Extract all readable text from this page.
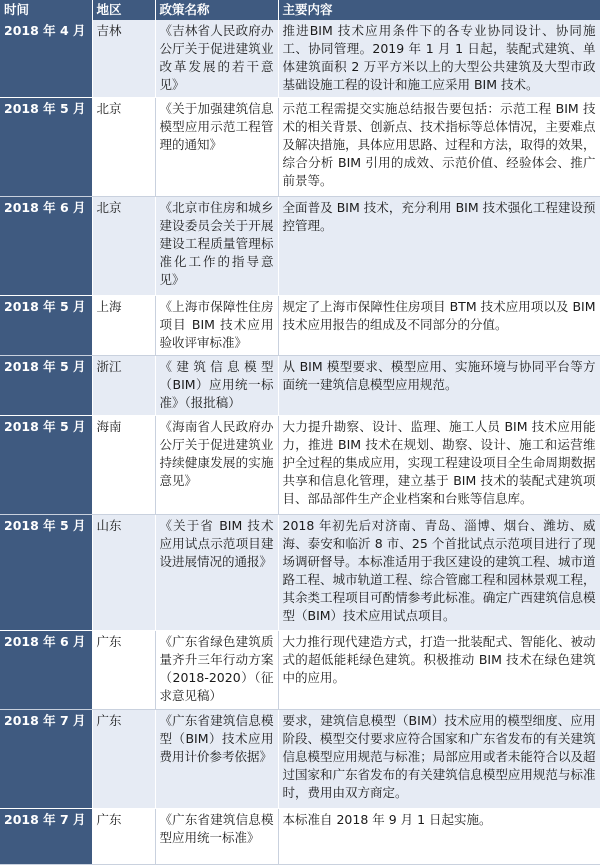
时间	地区	政策名称	主要内容
2018 年 4 月	吉林	《吉林省人民政府办公厅关于促进建筑业改革发展的若干意见》	推进BIM 技术应用条件下的各专业协同设计、协同施工、协同管理。2019 年 1 月 1 日起，装配式建筑、单体建筑面积 2 万平方米以上的大型公共建筑及大型市政基础设施工程的设计和施工应采用 BIM 技术。
2018 年 5 月	北京	《关于加强建筑信息模型应用示范工程管理的通知》	示范工程需提交实施总结报告要包括：示范工程 BIM 技术的相关背景、创新点、技术指标等总体情况，主要难点及解决措施，具体应用思路、过程和方法，取得的效果，综合分析 BIM 引用的成效、示范价值、经验体会、推广前景等。
2018 年 6 月	北京	《北京市住房和城乡建设委员会关于开展建设工程质量管理标准化工作的指导意见》	全面普及 BIM 技术，充分利用 BIM 技术强化工程建设预控管理。
2018 年 5 月	上海	《上海市保障性住房项目 BIM 技术应用验收评审标准》	规定了上海市保障性住房项目 BTM 技术应用项以及 BIM 技术应用报告的组成及不同部分的分值。
2018 年 5 月	浙江	《建筑信息模型（BIM）应用统一标准》（报批稿）	从 BIM 模型要求、模型应用、实施环境与协同平台等方面统一建筑信息模型应用规范。
2018 年 5 月	海南	《海南省人民政府办公厅关于促进建筑业持续健康发展的实施意见》	大力提升勘察、设计、监理、施工人员 BIM 技术应用能力，推进 BIM 技术在规划、勘察、设计、施工和运营维护全过程的集成应用，实现工程建设项目全生命周期数据共享和信息化管理，建立基于 BIM 技术的装配式建筑项目、部品部件生产企业档案和台账等信息库。
2018 年 5 月	山东	《关于省 BIM 技术应用试点示范项目建设进展情况的通报》	2018 年初先后对济南、青岛、淄博、烟台、潍坊、威海、泰安和临沂 8 市、25 个首批试点示范项目进行了现场调研督导。本标准适用于我区建设的建筑工程、城市道路工程、城市轨道工程、综合管廊工程和园林景观工程，其余类工程项目可酌情参考此标准。确定广西建筑信息模型（BIM）技术应用试点项目。
2018 年 6 月	广东	《广东省绿色建筑质量齐升三年行动方案（2018-2020）（征求意见稿）	大力推行现代建造方式，打造一批装配式、智能化、被动式的超低能耗绿色建筑。积极推动 BIM 技术在绿色建筑中的应用。
2018 年 7 月	广东	《广东省建筑信息模型（BIM）技术应用费用计价参考依据》	要求，建筑信息模型（BIM）技术应用的模型细度、应用阶段、模型交付要求应符合国家和广东省发布的有关建筑信息模型应用规范与标准；局部应用或者未能符合以及超过国家和广东省发布的有关建筑信息模型应用规范与标准时，费用由双方商定。
2018 年 7 月	广东	《广东省建筑信息模型应用统一标准》	本标准自 2018 年 9 月 1 日起实施。
